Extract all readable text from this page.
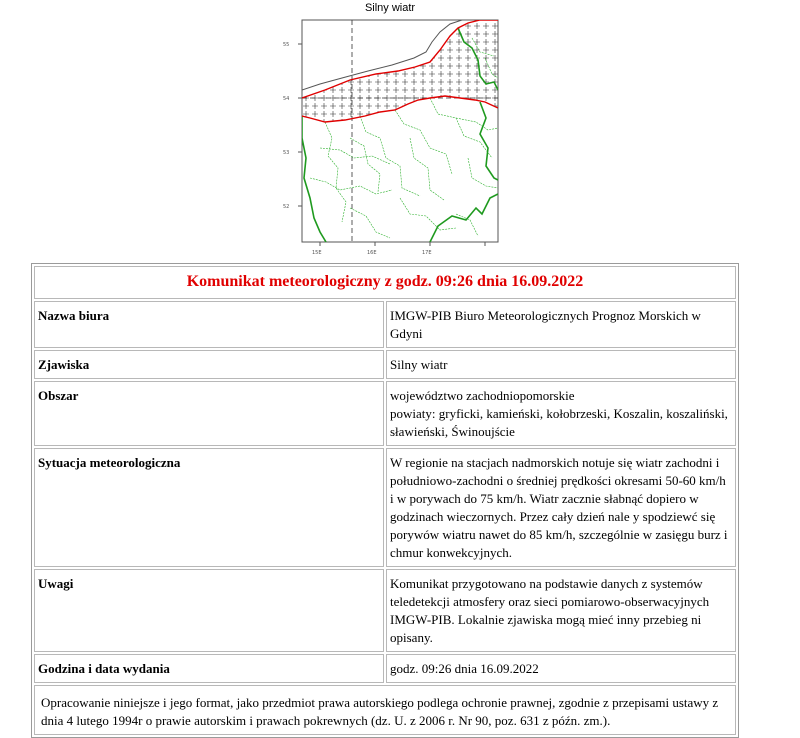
Silny wiatr
55
54
53
52
15E	16E	17E
Komunikat meteorologiczny z godz. 09:26 dnia 16.09.2022	
Nazwa biura	IMGW-PIB Biuro Meteorologicznych Prognoz Morskich w Gdyni
Zjawiska	Silny wiatr
Obszar	województwo zachodniopomorskie
powiaty: gryficki, kamieński, kołobrzeski, Koszalin, koszaliński, sławieński, Świnoujście

Sytuacja meteorologiczna	W regionie na stacjach nadmorskich notuje się wiatr zachodni i południowo-zachodni o średniej prędkości okresami 50-60 km/h i w porywach do 75 km/h. Wiatr zacznie słabnąć dopiero w godzinach wieczornych. Przez cały dzień nale y spodziewć się porywów wiatru nawet do 85 km/h, szczególnie w zasięgu burz i chmur konwekcyjnych.
Uwagi	Komunikat przygotowano na podstawie danych z systemów teledetekcji atmosfery oraz sieci pomiarowo-obserwacyjnych IMGW-PIB. Lokalnie zjawiska mogą mieć inny przebieg ni opisany.
Godzina i data wydania	godz. 09:26 dnia 16.09.2022
Opracowanie niniejsze i jego format, jako przedmiot prawa autorskiego podlega ochronie prawnej, zgodnie z przepisami ustawy z dnia 4 lutego 1994r o prawie autorskim i prawach pokrewnych (dz. U. z 2006 r. Nr 90, poz. 631 z późn. zm.).	
